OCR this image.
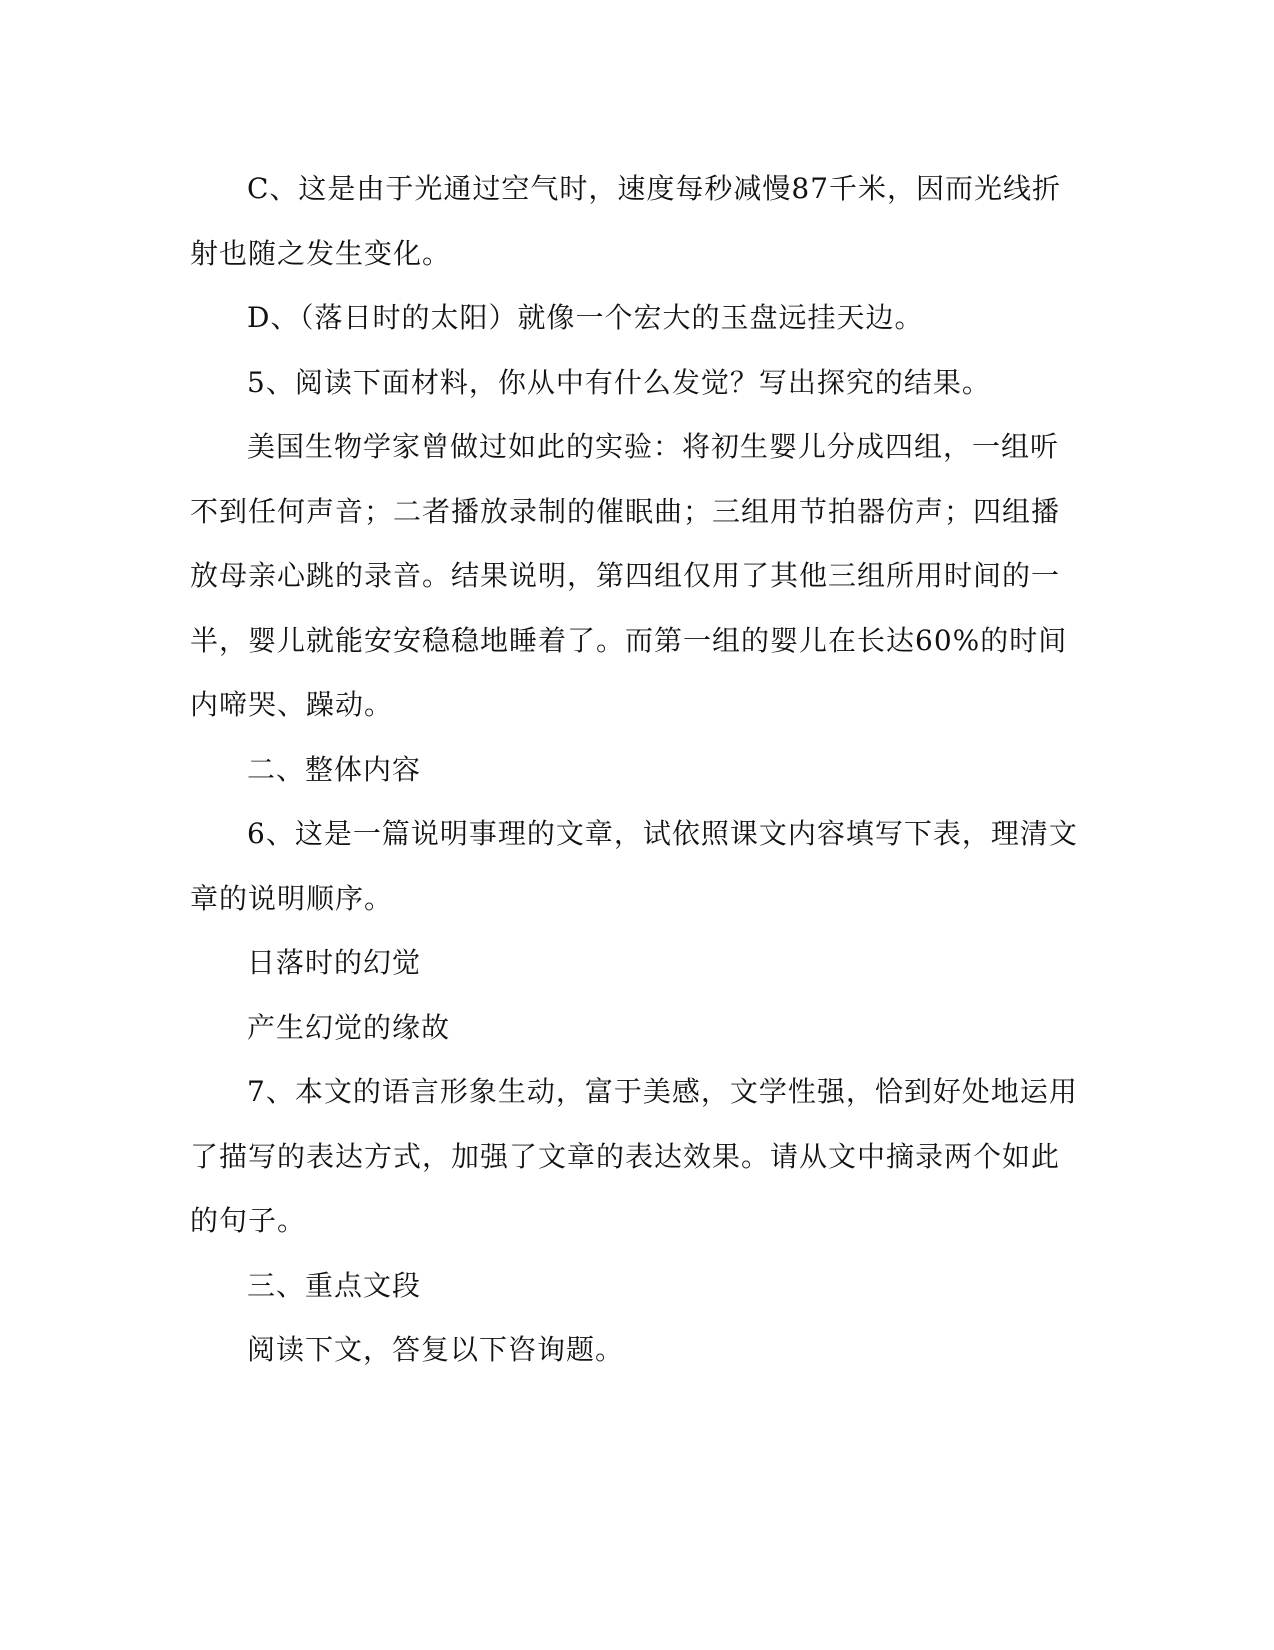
C、这是由于光通过空气时，速度每秒减慢87千米，因而光线折射也随之发生变化。

D、（落日时的太阳）就像一个宏大的玉盘远挂天边。

5、阅读下面材料，你从中有什么发觉？写出探究的结果。

美国生物学家曾做过如此的实验：将初生婴儿分成四组，一组听不到任何声音；二者播放录制的催眠曲；三组用节拍器仿声；四组播放母亲心跳的录音。结果说明，第四组仅用了其他三组所用时间的一半，婴儿就能安安稳稳地睡着了。而第一组的婴儿在长达60%的时间内啼哭、躁动。

二、整体内容

6、这是一篇说明事理的文章，试依照课文内容填写下表，理清文章的说明顺序。

日落时的幻觉

产生幻觉的缘故

7、本文的语言形象生动，富于美感，文学性强，恰到好处地运用了描写的表达方式，加强了文章的表达效果。请从文中摘录两个如此的句子。

三、重点文段

阅读下文，答复以下咨询题。
